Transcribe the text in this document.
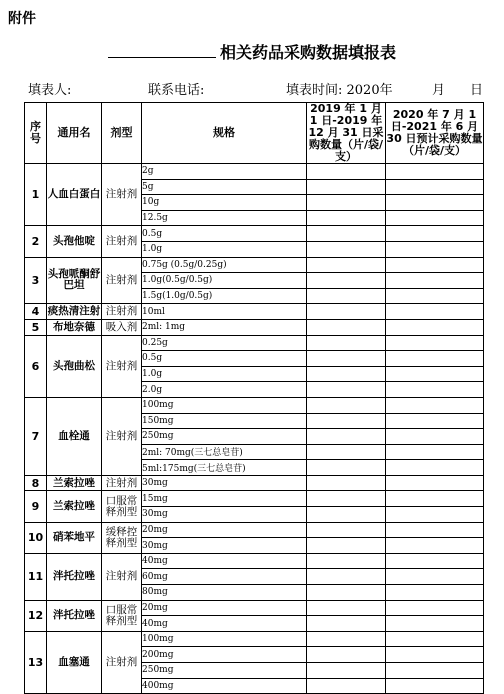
附件
相关药品采购数据填报表
填表人:	联系电话:	填表时间: 2020年	月 日
序号	通用名	剂型	规格	2019 年 1 月 1 日-2019 年 12 月 31 日采购数量（片/袋/支）	2020 年 7 月 1 日-2021 年 6 月 30 日预计采购数量（片/袋/支）
1	人血白蛋白	注射剂	2g		
			5g		
			10g		
			12.5g		
2	头孢他啶	注射剂	0.5g		
			1.0g		
3	头孢哌酮舒巴坦	注射剂	0.75g (0.5g/0.25g)		
			1.0g(0.5g/0.5g)		
			1.5g(1.0g/0.5g)		
4	痰热清注射	注射剂	10ml		
5	布地奈德	吸入剂	2ml: 1mg		
6	头孢曲松	注射剂	0.25g		
			0.5g		
			1.0g		
			2.0g		
7	血栓通	注射剂	100mg		
			150mg		
			250mg		
			2ml: 70mg(三七总皂苷)		
			5ml:175mg(三七总皂苷)		
8	兰索拉唑	注射剂	30mg		
9	兰索拉唑	口服常释剂型	15mg		
			30mg		
10	硝苯地平	缓释控释剂型	20mg		
			30mg		
11	泮托拉唑	注射剂	40mg		
			60mg		
			80mg		
12	泮托拉唑	口服常释剂型	20mg		
			40mg		
13	血塞通	注射剂	100mg		
			200mg		
			250mg		
			400mg		
